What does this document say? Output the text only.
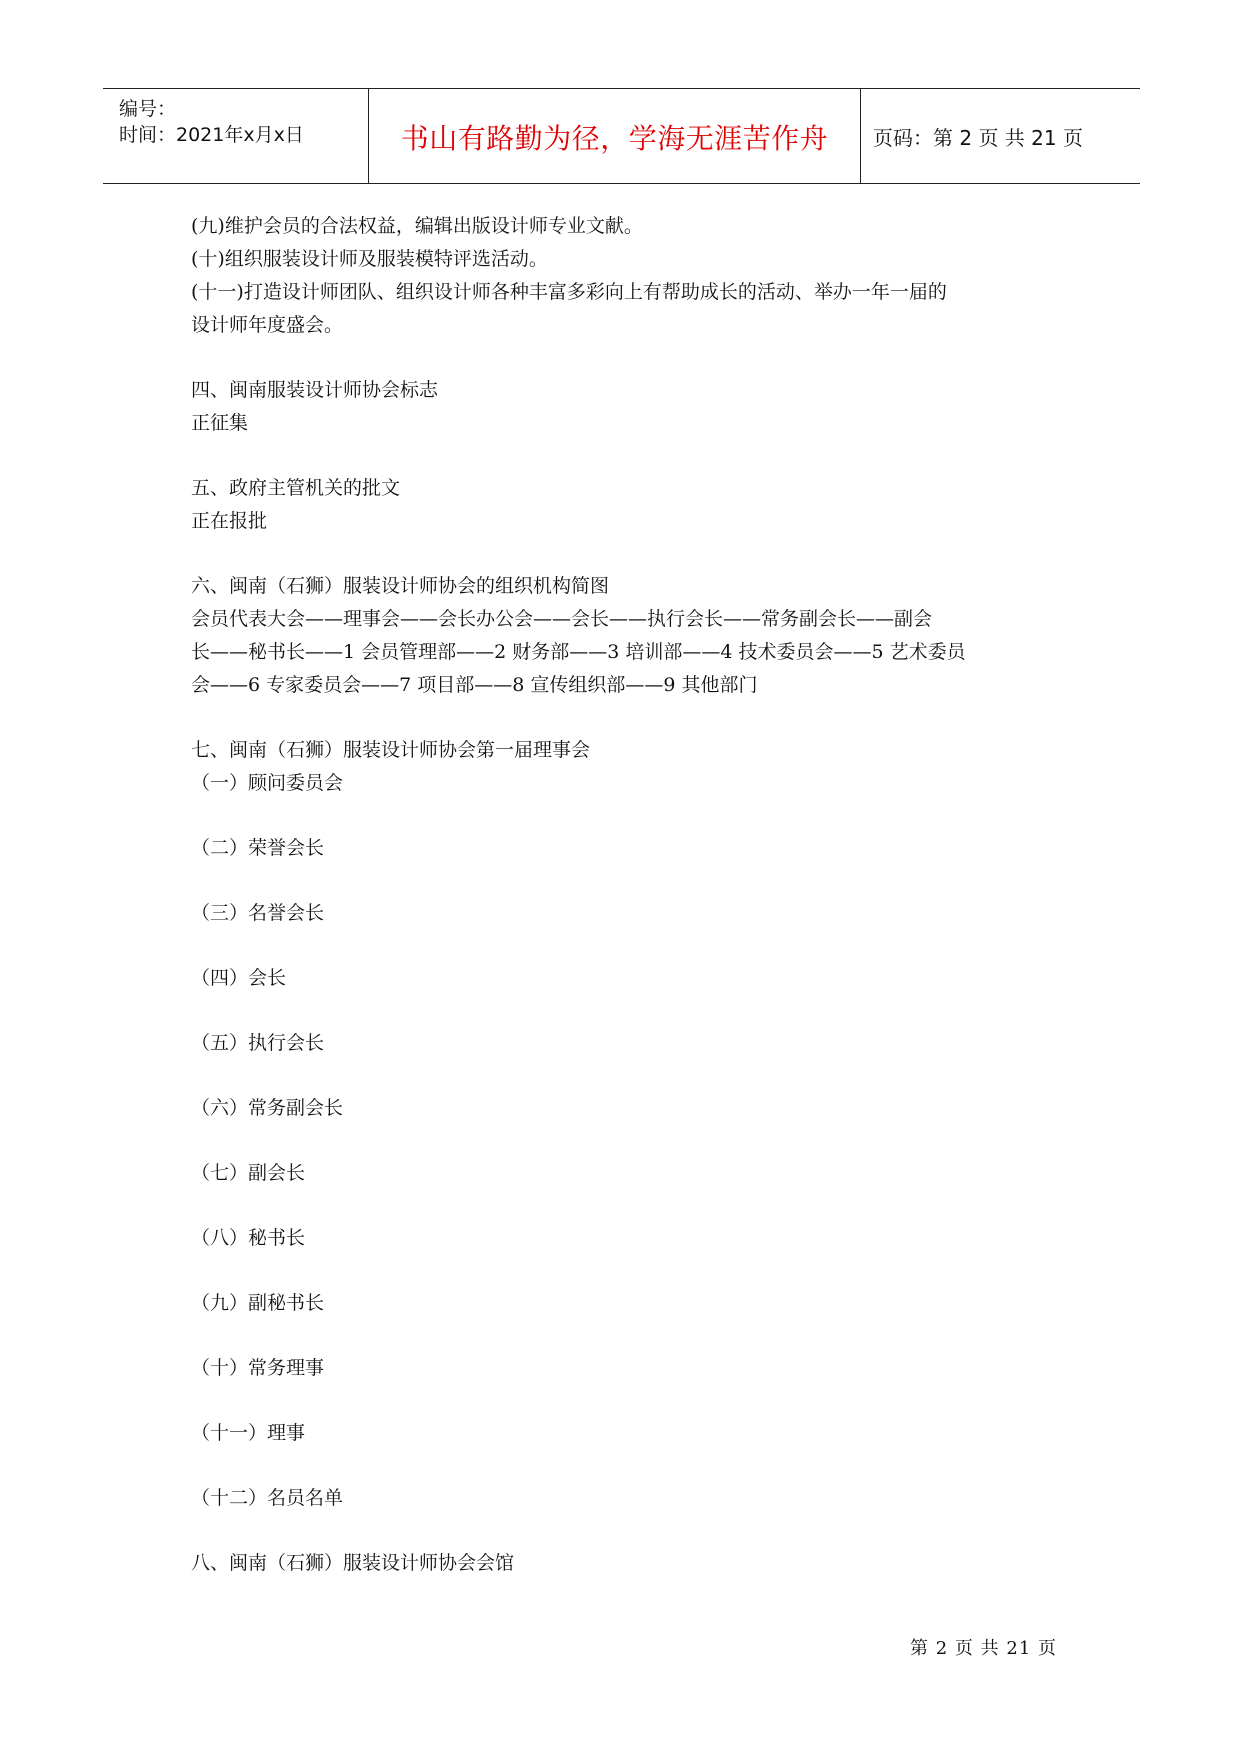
编号：
时间：2021年x月x日	书山有路勤为径，学海无涯苦作舟	页码：第 2 页 共 21 页
(九)维护会员的合法权益，编辑出版设计师专业文献。
(十)组织服装设计师及服装模特评选活动。
(十一)打造设计师团队、组织设计师各种丰富多彩向上有帮助成长的活动、举办一年一届的
设计师年度盛会。
四、闽南服装设计师协会标志
正征集
五、政府主管机关的批文
正在报批
六、闽南（石狮）服装设计师协会的组织机构简图
会员代表大会——理事会——会长办公会——会长——执行会长——常务副会长——副会
长——秘书长——1 会员管理部——2 财务部——3 培训部——4 技术委员会——5 艺术委员
会——6 专家委员会——7 项目部——8 宣传组织部——9 其他部门
七、闽南（石狮）服装设计师协会第一届理事会
（一）顾问委员会
（二）荣誉会长
（三）名誉会长
（四）会长
（五）执行会长
（六）常务副会长
（七）副会长
（八）秘书长
（九）副秘书长
（十）常务理事
（十一）理事
（十二）名员名单
八、闽南（石狮）服装设计师协会会馆
第 2 页 共 21 页
